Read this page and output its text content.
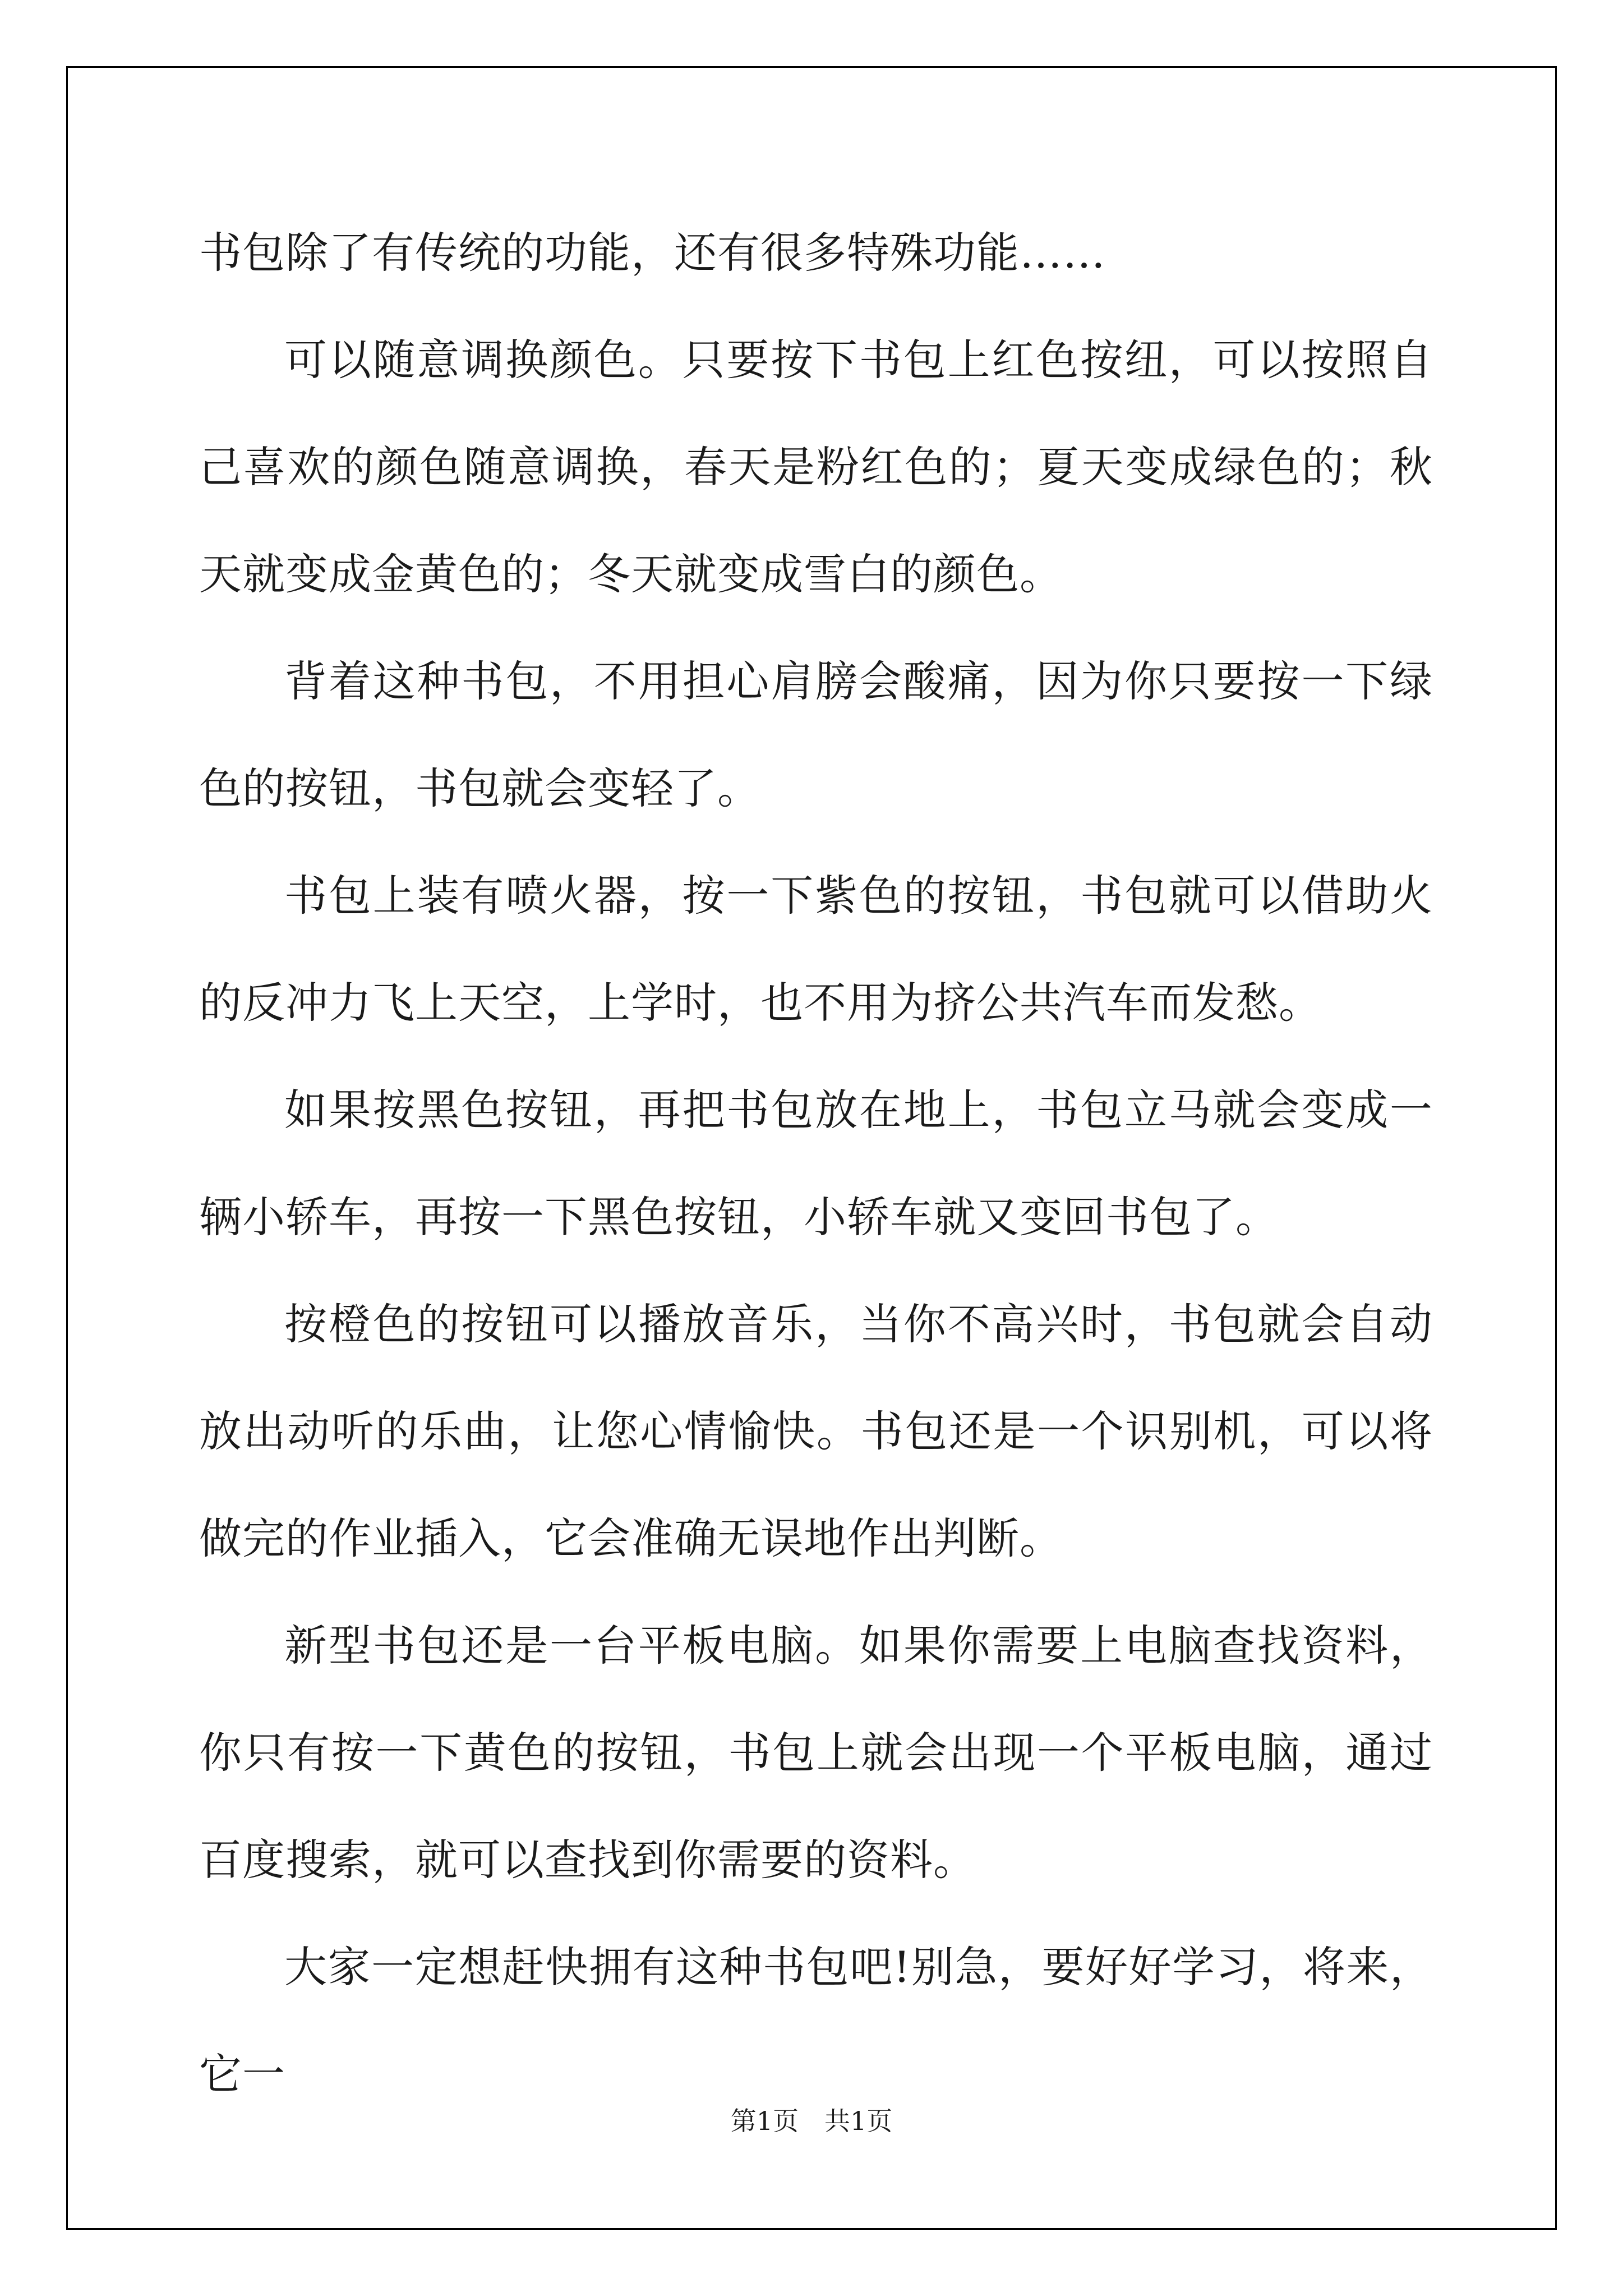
书包除了有传统的功能，还有很多特殊功能……

可以随意调换颜色。只要按下书包上红色按纽，可以按照自己喜欢的颜色随意调换，春天是粉红色的；夏天变成绿色的；秋天就变成金黄色的；冬天就变成雪白的颜色。

背着这种书包，不用担心肩膀会酸痛，因为你只要按一下绿色的按钮，书包就会变轻了。

书包上装有喷火器，按一下紫色的按钮，书包就可以借助火的反冲力飞上天空，上学时，也不用为挤公共汽车而发愁。

如果按黑色按钮，再把书包放在地上，书包立马就会变成一辆小轿车，再按一下黑色按钮，小轿车就又变回书包了。

按橙色的按钮可以播放音乐，当你不高兴时，书包就会自动放出动听的乐曲，让您心情愉快。书包还是一个识别机，可以将做完的作业插入，它会准确无误地作出判断。

新型书包还是一台平板电脑。如果你需要上电脑查找资料，你只有按一下黄色的按钮，书包上就会出现一个平板电脑，通过百度搜索，就可以查找到你需要的资料。

大家一定想赶快拥有这种书包吧!别急，要好好学习，将来，它一

第1页 共1页
